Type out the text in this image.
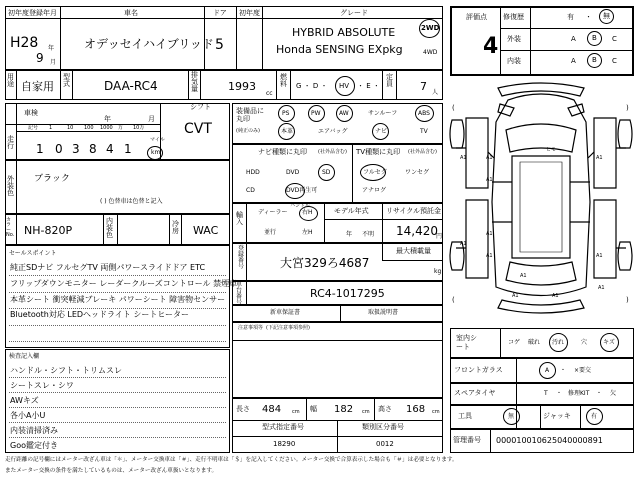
初年度登録年月	車名	ドア 初年度	グレード
H28 年
9 月
オデッセイハイブリッド 5
HYBRID ABSOLUTE
Honda SENSING EXpkg
2WD
4WD
用途 自家用
型式	DAA-RC4
排気量	1993
cc
燃料 G ・ D ・ HV ・ E ・
定員 7 人
評価点
4
修復歴	有 ・ 無
外装	A B C
内装	A B C
車検
年	月
シフト
CVT
走行
記号 1	10 100 1000 万 10万
1 0 3 8 4 1
マイル
km
外装色
ブラック
( ) 色替車は色替と記入
カラーNo. NH-820P
内装色
冷房 WAC
セールスポイント
純正SDナビ フルセグTV 両側パワースライドドア ETC
フリップダウンモニター レーダークルーズコントロール 禁煙車
本革シート 衝突軽減ブレーキ パワーシート 障害物センサー
Bluetooth対応 LEDヘッドライト シートヒーター
検査記入欄
ハンドル・シフト・トリムスレ
シートスレ・シワ
AWキズ
各小A小U
内装清掃済み
Goo鑑定付き
装備品に丸印
(純正のみ)
PS	PW	AW	サンルーフ	ABS
本革	エアバッグ	ナビ	TV
ナビ種類に丸印 (社外品含む)
HDD	DVD	SD
CD	DVD再生可
TV種類に丸印 (社外品含む)
フルセグ	ワンセグ
アナログ
輸入
ディーラー
並行
ハンドル
右H
左H
モデル年式
年 不明
リサイクル預託金
14,420
円
登録番号	大宮329ろ4687
最大積載量
kg
車台番号
RC4-1017295
新車保証書	取扱説明書
注意事項等 (下記注意事項参照)
長さ 484 cm 幅 182 cm 高さ 168 cm
型式指定番号
18290
類別区分番号
0012
(	)
(	)
A1
A1
A1
A1
A1
A1
A1
A1
A1
A1
A1
ヒモ
A1
室内シート
コゲ 破れ 汚れ	穴	キズ
フロントガラス	A ・ ×要交
スペアタイヤ	T ・ 修理KIT ・ 欠
工具	無	ジャッキ	有
管理番号 000010010625040000891
走行距離の記号欄にはメーター改ざん車は「＊」、メーター交換車は「＃」、走行不明車は「＄」を記入してください。メーター交換で合算表示した場合も「＃」は必要となります。
またメーター交換の条件を満たしているものは、メーター改ざん車扱いとなります。
